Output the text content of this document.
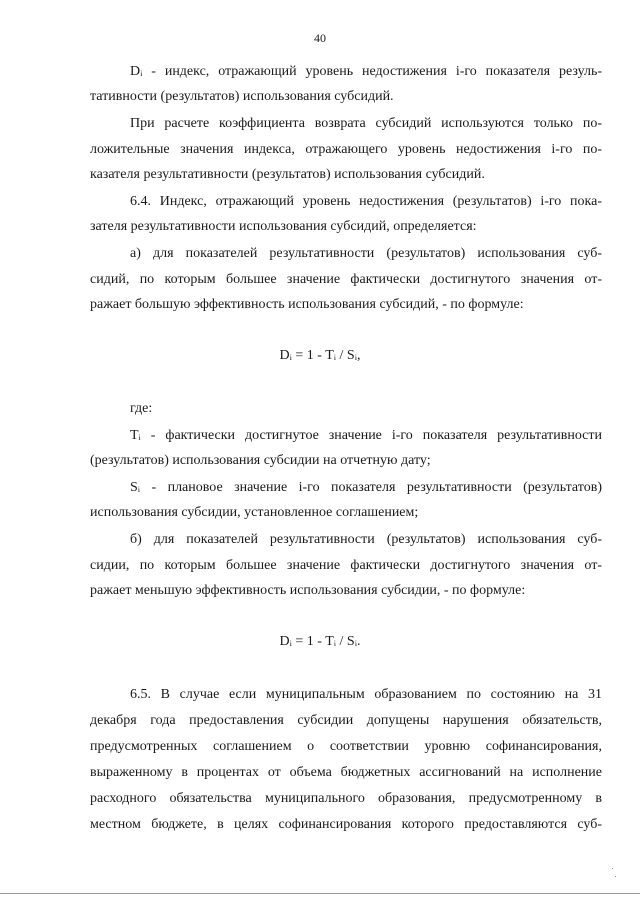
40
Dᵢ - индекс, отражающий уровень недостижения i-го показателя резуль-
тативности (результатов) использования субсидий.
При расчете коэффициента возврата субсидий используются только по-
ложительные значения индекса, отражающего уровень недостижения i-го по-
казателя результативности (результатов) использования субсидий.
6.4. Индекс, отражающий уровень недостижения (результатов) i-го пока-
зателя результативности использования субсидий, определяется:
а) для показателей результативности (результатов) использования суб-
сидий, по которым большее значение фактически достигнутого значения от-
ражает большую эффективность использования субсидий, - по формуле:
Dᵢ = 1 - Tᵢ / Sᵢ,
где:
Tᵢ - фактически достигнутое значение i-го показателя результативности
(результатов) использования субсидии на отчетную дату;
Sᵢ - плановое значение i-го показателя результативности (результатов)
использования субсидии, установленное соглашением;
б) для показателей результативности (результатов) использования суб-
сидии, по которым большее значение фактически достигнутого значения от-
ражает меньшую эффективность использования субсидии, - по формуле:
Dᵢ = 1 - Tᵢ / Sᵢ.
6.5. В случае если муниципальным образованием по состоянию на 31
декабря года предоставления субсидии допущены нарушения обязательств,
предусмотренных соглашением о соответствии уровню софинансирования,
выраженному в процентах от объема бюджетных ассигнований на исполнение
расходного обязательства муниципального образования, предусмотренному в
местном бюджете, в целях софинансирования которого предоставляются суб-
